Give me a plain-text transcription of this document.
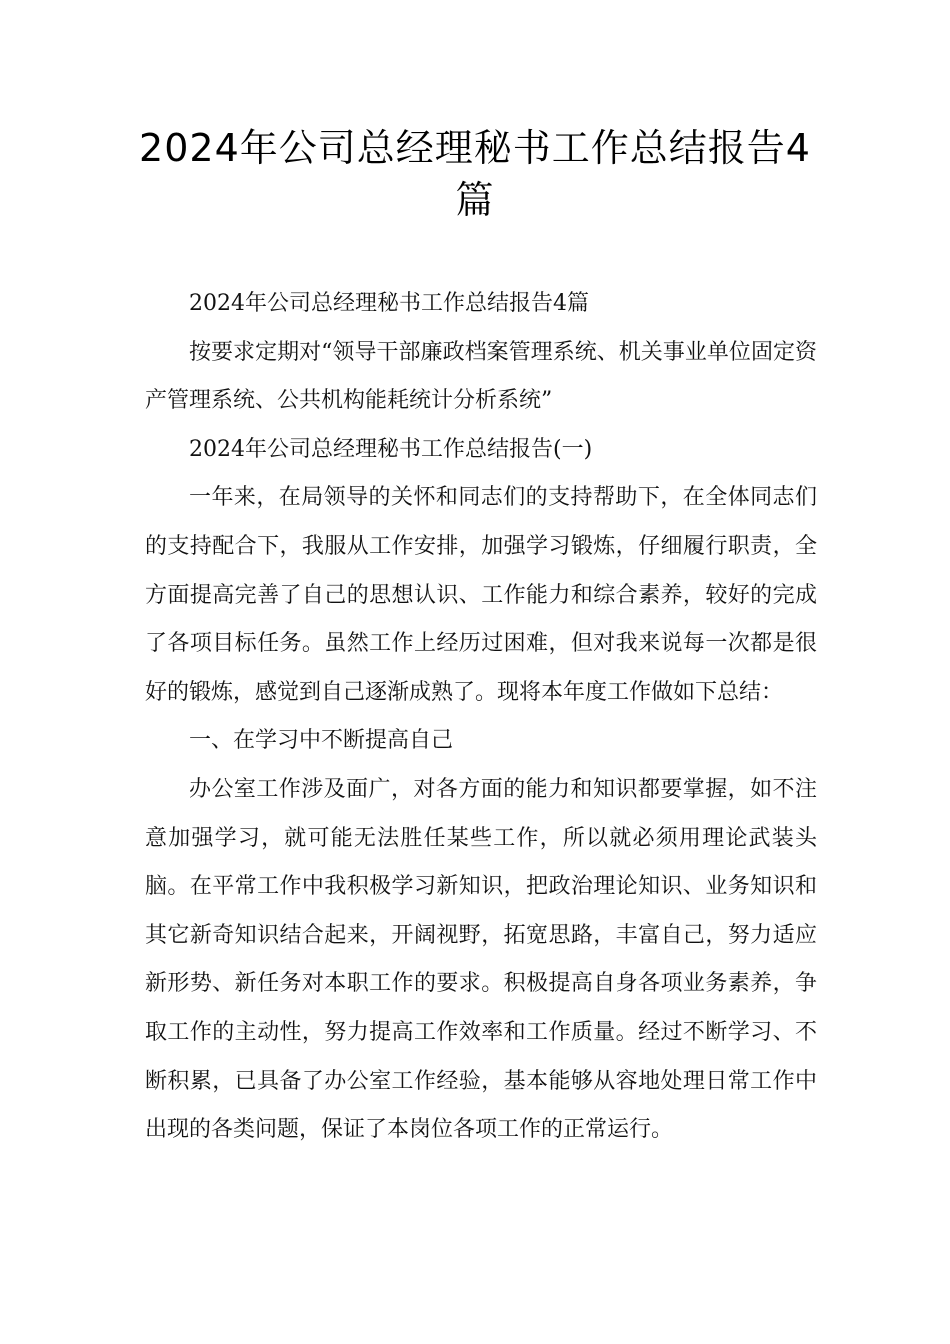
2024年公司总经理秘书工作总结报告4篇

2024年公司总经理秘书工作总结报告4篇

按要求定期对“领导干部廉政档案管理系统、机关事业单位固定资产管理系统、公共机构能耗统计分析系统”

2024年公司总经理秘书工作总结报告(一)

一年来，在局领导的关怀和同志们的支持帮助下，在全体同志们的支持配合下，我服从工作安排，加强学习锻炼，仔细履行职责，全方面提高完善了自己的思想认识、工作能力和综合素养，较好的完成了各项目标任务。虽然工作上经历过困难，但对我来说每一次都是很好的锻炼，感觉到自己逐渐成熟了。现将本年度工作做如下总结：

一、在学习中不断提高自己

办公室工作涉及面广，对各方面的能力和知识都要掌握，如不注意加强学习，就可能无法胜任某些工作，所以就必须用理论武装头脑。在平常工作中我积极学习新知识，把政治理论知识、业务知识和其它新奇知识结合起来，开阔视野，拓宽思路，丰富自己，努力适应新形势、新任务对本职工作的要求。积极提高自身各项业务素养，争取工作的主动性，努力提高工作效率和工作质量。经过不断学习、不断积累，已具备了办公室工作经验，基本能够从容地处理日常工作中出现的各类问题，保证了本岗位各项工作的正常运行。
